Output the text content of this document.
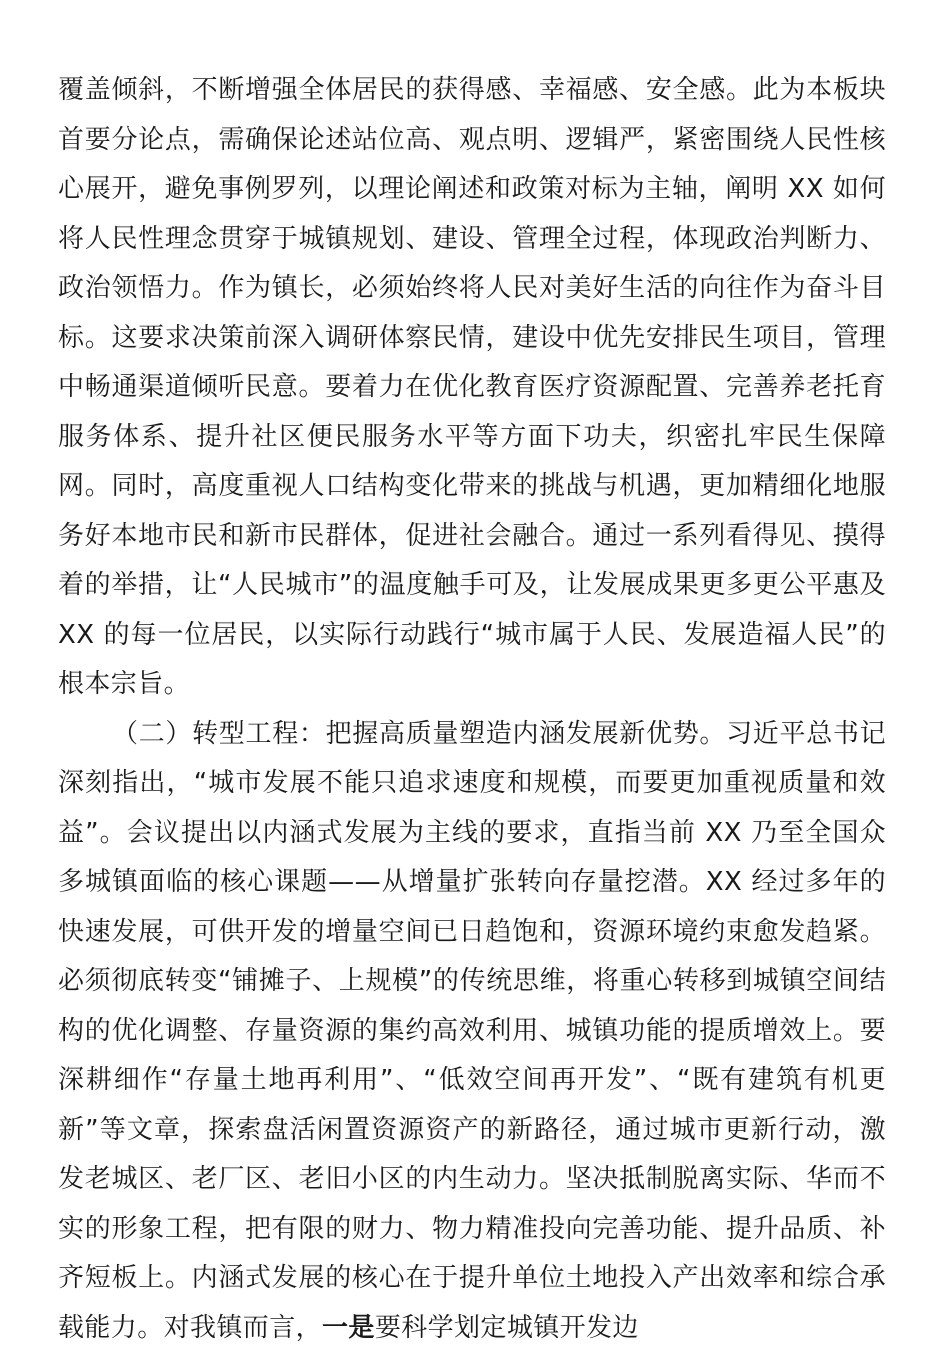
覆盖倾斜，不断增强全体居民的获得感、幸福感、安全感。此为本板块首要分论点，需确保论述站位高、观点明、逻辑严，紧密围绕人民性核心展开，避免事例罗列，以理论阐述和政策对标为主轴，阐明 XX 如何将人民性理念贯穿于城镇规划、建设、管理全过程，体现政治判断力、政治领悟力。作为镇长，必须始终将人民对美好生活的向往作为奋斗目标。这要求决策前深入调研体察民情，建设中优先安排民生项目，管理中畅通渠道倾听民意。要着力在优化教育医疗资源配置、完善养老托育服务体系、提升社区便民服务水平等方面下功夫，织密扎牢民生保障网。同时，高度重视人口结构变化带来的挑战与机遇，更加精细化地服务好本地市民和新市民群体，促进社会融合。通过一系列看得见、摸得着的举措，让“人民城市”的温度触手可及，让发展成果更多更公平惠及 XX 的每一位居民，以实际行动践行“城市属于人民、发展造福人民”的根本宗旨。

（二）转型工程：把握高质量塑造内涵发展新优势。习近平总书记深刻指出，“城市发展不能只追求速度和规模，而要更加重视质量和效益”。会议提出以内涵式发展为主线的要求，直指当前 XX 乃至全国众多城镇面临的核心课题——从增量扩张转向存量挖潜。XX 经过多年的快速发展，可供开发的增量空间已日趋饱和，资源环境约束愈发趋紧。必须彻底转变“铺摊子、上规模”的传统思维，将重心转移到城镇空间结构的优化调整、存量资源的集约高效利用、城镇功能的提质增效上。要深耕细作“存量土地再利用”、“低效空间再开发”、“既有建筑有机更新”等文章，探索盘活闲置资源资产的新路径，通过城市更新行动，激发老城区、老厂区、老旧小区的内生动力。坚决抵制脱离实际、华而不实的形象工程，把有限的财力、物力精准投向完善功能、提升品质、补齐短板上。内涵式发展的核心在于提升单位土地投入产出效率和综合承载能力。对我镇而言，一是要科学划定城镇开发边
